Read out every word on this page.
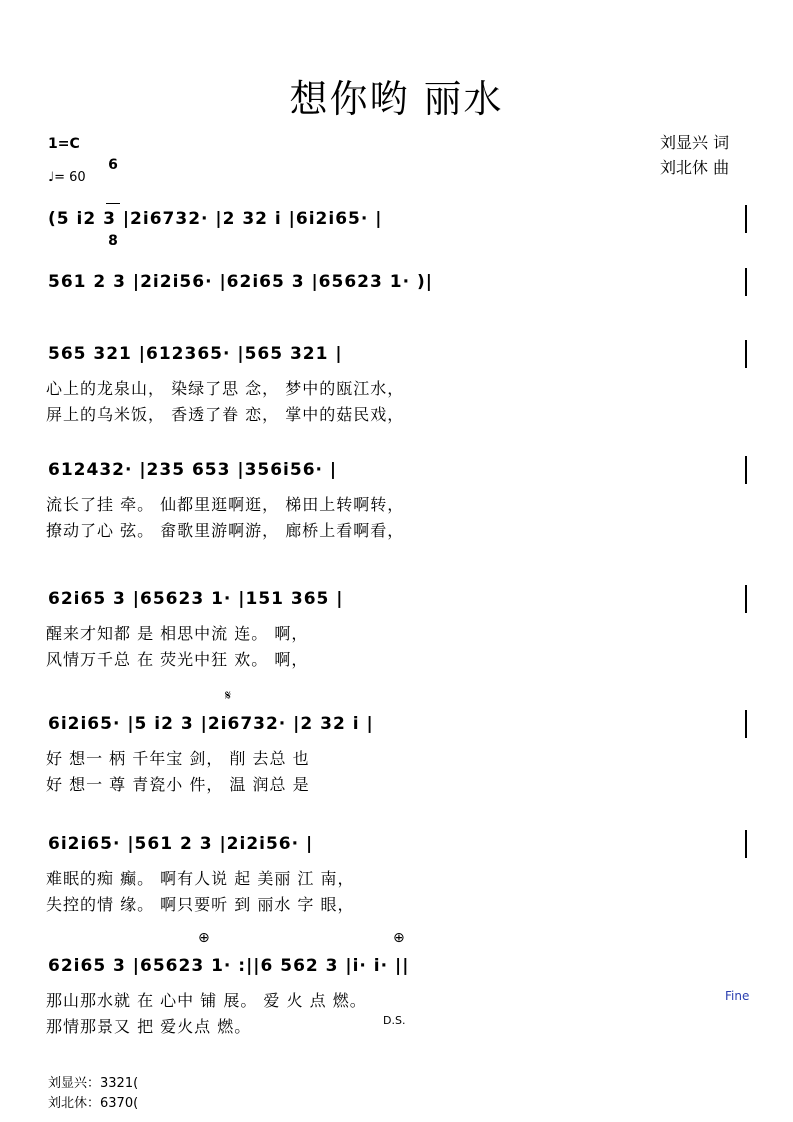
想你哟 丽水
1=C

6

8

♩= 60
刘显兴 词
刘北休 曲
(5 i2 3 |2i6732· |2 32 i |6i2i65· |
561 2 3 |2i2i56· |62i65 3 |65623 1· )|
565 321 |612365· |565 321 |
心上的龙泉山， 染绿了思 念， 梦中的瓯江水，
屏上的乌米饭， 香透了眷 恋， 掌中的菇民戏，
612432· |235 653 |356i56· |
流长了挂 牵。 仙都里逛啊逛， 梯田上转啊转，
撩动了心 弦。 畲歌里游啊游， 廊桥上看啊看，
62i65 3 |65623 1· |151 365 |
醒来才知都 是 相思中流 连。 啊，
风情万千总 在 荧光中狂 欢。 啊，
𝄋
6i2i65· |5 i2 3 |2i6732· |2 32 i |
好 想一 柄 千年宝 剑， 削 去总 也
好 想一 尊 青瓷小 件， 温 润总 是
6i2i65· |561 2 3 |2i2i56· |
难眠的痴 癫。 啊有人说 起 美丽 江 南，
失控的情 缘。 啊只要听 到 丽水 字 眼，
⊕	⊕
62i65 3 |65623 1· :||6 562 3 |i· i· ||
那山那水就 在 心中 铺 展。 爱 火 点 燃。
那情那景又 把 爱火点 燃。
Fine
D.S.
刘显兴：3321(
刘北休：6370(
